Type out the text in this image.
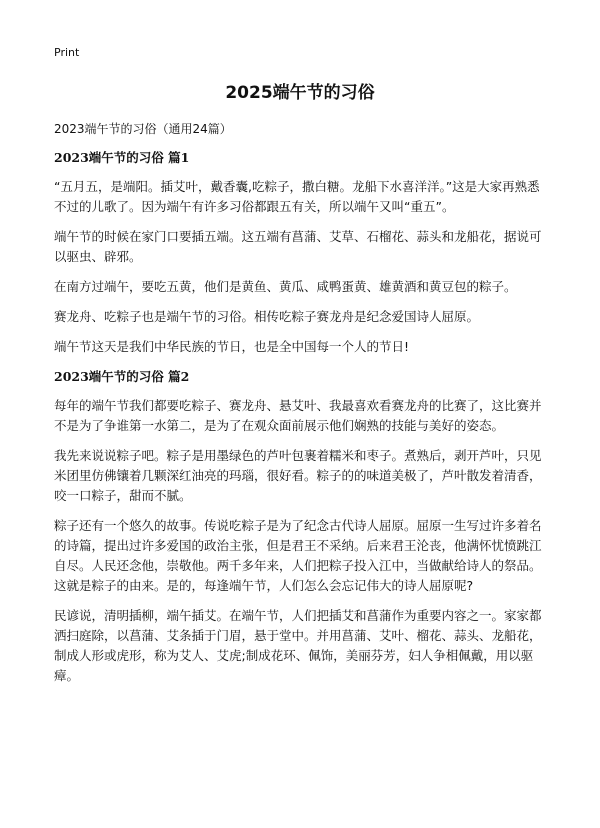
Print
2025端午节的习俗

2023端午节的习俗（通用24篇）

2023端午节的习俗 篇1

“五月五，是端阳。插艾叶，戴香囊,吃粽子，撒白糖。龙船下水喜洋洋。”这是大家再熟悉不过的儿歌了。因为端午有许多习俗都跟五有关，所以端午又叫“重五”。

端午节的时候在家门口要插五端。这五端有菖蒲、艾草、石榴花、蒜头和龙船花，据说可以驱虫、辟邪。

在南方过端午，要吃五黄，他们是黄鱼、黄瓜、咸鸭蛋黄、雄黄酒和黄豆包的粽子。

赛龙舟、吃粽子也是端午节的习俗。相传吃粽子赛龙舟是纪念爱国诗人屈原。

端午节这天是我们中华民族的节日，也是全中国每一个人的节日!

2023端午节的习俗 篇2

每年的端午节我们都要吃粽子、赛龙舟、悬艾叶、我最喜欢看赛龙舟的比赛了，这比赛并不是为了争谁第一水第二，是为了在观众面前展示他们娴熟的技能与美好的姿态。

我先来说说粽子吧。粽子是用墨绿色的芦叶包裹着糯米和枣子。煮熟后，剥开芦叶，只见米团里仿佛镶着几颗深红油亮的玛瑙，很好看。粽子的的味道美极了，芦叶散发着清香，咬一口粽子，甜而不腻。

粽子还有一个悠久的故事。传说吃粽子是为了纪念古代诗人屈原。屈原一生写过许多着名的诗篇，提出过许多爱国的政治主张，但是君王不采纳。后来君王沦丧，他满怀忧愤跳江自尽。人民还念他，崇敬他。两千多年来，人们把粽子投入江中，当做献给诗人的祭品。这就是粽子的由来。是的，每逢端午节，人们怎么会忘记伟大的诗人屈原呢?

民谚说，清明插柳，端午插艾。在端午节，人们把插艾和菖蒲作为重要内容之一。家家都洒扫庭除，以菖蒲、艾条插于门眉，悬于堂中。并用菖蒲、艾叶、榴花、蒜头、龙船花，制成人形或虎形，称为艾人、艾虎;制成花环、佩饰，美丽芬芳，妇人争相佩戴，用以驱瘴。
